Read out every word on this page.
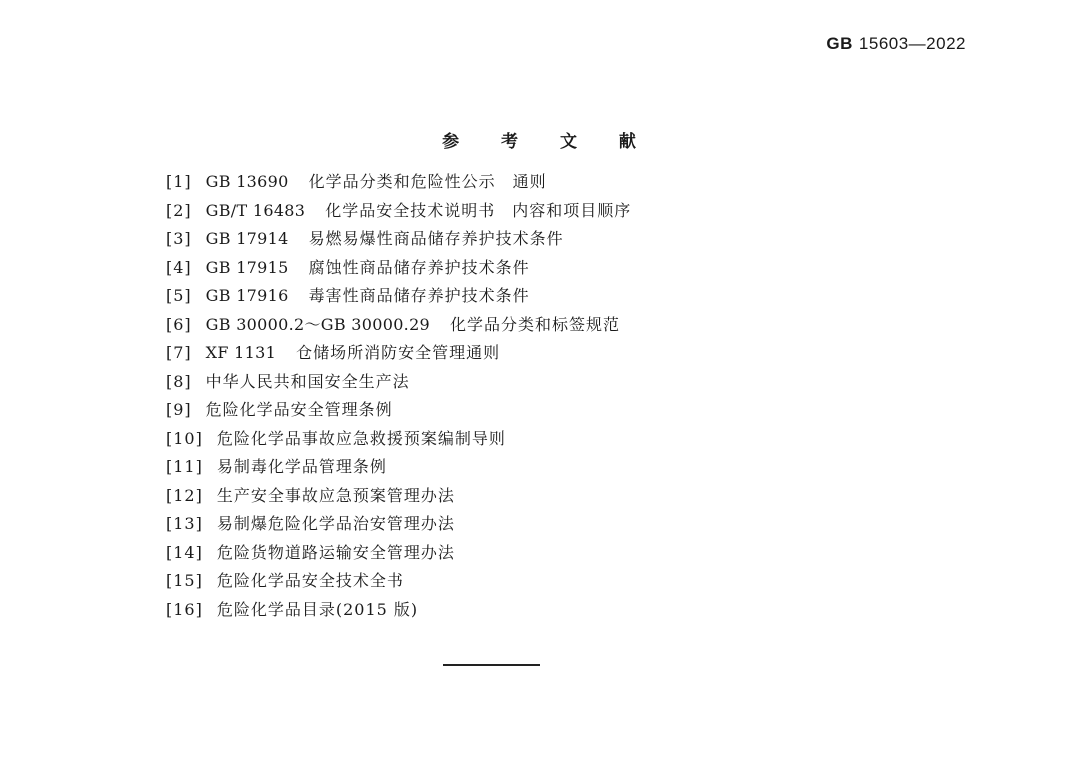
GB 15603—2022
参 考 文 献
[1] GB 13690 化学品分类和危险性公示　通则
[2] GB/T 16483 化学品安全技术说明书　内容和项目顺序
[3] GB 17914 易燃易爆性商品储存养护技术条件
[4] GB 17915 腐蚀性商品储存养护技术条件
[5] GB 17916 毒害性商品储存养护技术条件
[6] GB 30000.2～GB 30000.29 化学品分类和标签规范
[7] XF 1131 仓储场所消防安全管理通则
[8] 中华人民共和国安全生产法
[9] 危险化学品安全管理条例
[10] 危险化学品事故应急救援预案编制导则
[11] 易制毒化学品管理条例
[12] 生产安全事故应急预案管理办法
[13] 易制爆危险化学品治安管理办法
[14] 危险货物道路运输安全管理办法
[15] 危险化学品安全技术全书
[16] 危险化学品目录(2015 版)
